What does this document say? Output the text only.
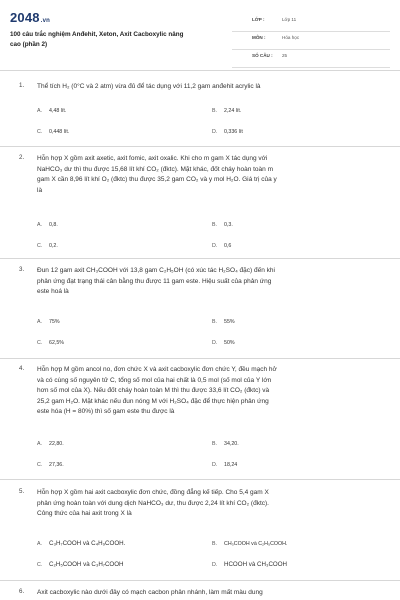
2048.vn
100 câu trắc nghiệm Anđehit, Xeton, Axit Cacboxylic nâng
cao (phần 2)
LỚP :	Lớp 11
MÔN :	Hóa học
SỐ CÂU : 25
1. Thể tích H₂ (0°C và 2 atm) vừa đủ để tác dụng với 11,2 gam anđehit acrylic là
A. 4,48 lít.	B. 2,24 lít.
C. 0,448 lít.	D. 0,336 lít
2. Hỗn hợp X gồm axit axetic, axit fomic, axit oxalic. Khi cho m gam X tác dụng với
NaHCO₃ dư thì thu được 15,68 lít khí CO₂ (đktc). Mặt khác, đốt cháy hoàn toàn m
gam X cần 8,96 lít khí O₂ (đktc) thu được 35,2 gam CO₂ và y mol H₂O. Giá trị của y
là
A. 0,8.	B. 0,3.
C. 0,2.	D. 0,6
3. Đun 12 gam axit CH₃COOH với 13,8 gam C₂H₅OH (có xúc tác H₂SO₄ đặc) đến khi
phản ứng đạt trạng thái cân bằng thu được 11 gam este. Hiệu suất của phản ứng
este hoá là
A. 75%	B. 55%
C. 62,5%	D. 50%
4. Hỗn hợp M gồm ancol no, đơn chức X và axit cacboxylic đơn chức Y, đều mạch hở
và có cùng số nguyên tử C, tổng số mol của hai chất là 0,5 mol (số mol của Y lớn
hơn số mol của X). Nếu đốt cháy hoàn toàn M thì thu được 33,6 lít CO₂ (đktc) và
25,2 gam H₂O. Mặt khác nếu đun nóng M với H₂SO₄ đặc để thực hiện phản ứng
este hóa (H = 80%) thì số gam este thu được là
A. 22,80.	B. 34,20.
C. 27,36.	D. 18,24
5. Hỗn hợp X gồm hai axit cacboxylic đơn chức, đồng đẳng kế tiếp. Cho 5,4 gam X
phản ứng hoàn toàn với dung dịch NaHCO₃ dư, thu được 2,24 lít khí CO₂ (đktc).
Công thức của hai axit trong X là
A. C₃H₇COOH và C₄H₉COOH.	B. CH₃COOH và C₂H₅COOH.
C. C₂H₅COOH và C₃H₇COOH	D. HCOOH và CH₃COOH
6. Axit cacboxylic nào dưới đây có mạch cacbon phân nhánh, làm mất màu dung
